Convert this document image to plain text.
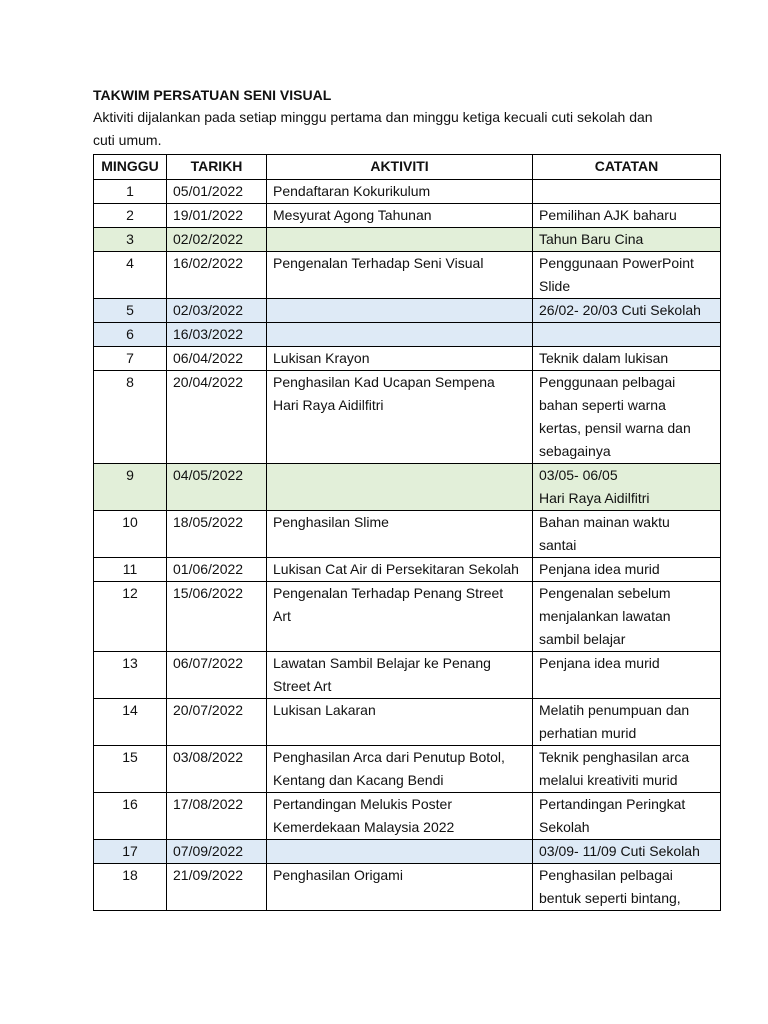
TAKWIM PERSATUAN SENI VISUAL

Aktiviti dijalankan pada setiap minggu pertama dan minggu ketiga kecuali cuti sekolah dan
cuti umum.

MINGGU	TARIKH	AKTIVITI	CATATAN
1	05/01/2022	Pendaftaran Kokurikulum	

2	19/01/2022	Mesyurat Agong Tahunan	Pemilihan AJK baharu

3	02/02/2022		Tahun Baru Cina

4	16/02/2022	Pengenalan Terhadap Seni Visual	Penggunaan PowerPoint
Slide

5	02/03/2022		26/02- 20/03 Cuti Sekolah

6	16/03/2022		
7	06/04/2022	Lukisan Krayon	Teknik dalam lukisan

8	20/04/2022	Penghasilan Kad Ucapan Sempena
Hari Raya Aidilfitri	Penggunaan pelbagai
bahan seperti warna
kertas, pensil warna dan
sebagainya

9	04/05/2022		03/05- 06/05
Hari Raya Aidilfitri

10	18/05/2022	Penghasilan Slime	Bahan mainan waktu
santai

11	01/06/2022	Lukisan Cat Air di Persekitaran Sekolah	Penjana idea murid

12	15/06/2022	Pengenalan Terhadap Penang Street
Art	Pengenalan sebelum
menjalankan lawatan
sambil belajar

13	06/07/2022	Lawatan Sambil Belajar ke Penang
Street Art	Penjana idea murid

14	20/07/2022	Lukisan Lakaran	Melatih penumpuan dan
perhatian murid

15	03/08/2022	Penghasilan Arca dari Penutup Botol,
Kentang dan Kacang Bendi	Teknik penghasilan arca
melalui kreativiti murid

16	17/08/2022	Pertandingan Melukis Poster
Kemerdekaan Malaysia 2022	Pertandingan Peringkat
Sekolah

17	07/09/2022		03/09- 11/09 Cuti Sekolah

18	21/09/2022	Penghasilan Origami	Penghasilan pelbagai
bentuk seperti bintang,
